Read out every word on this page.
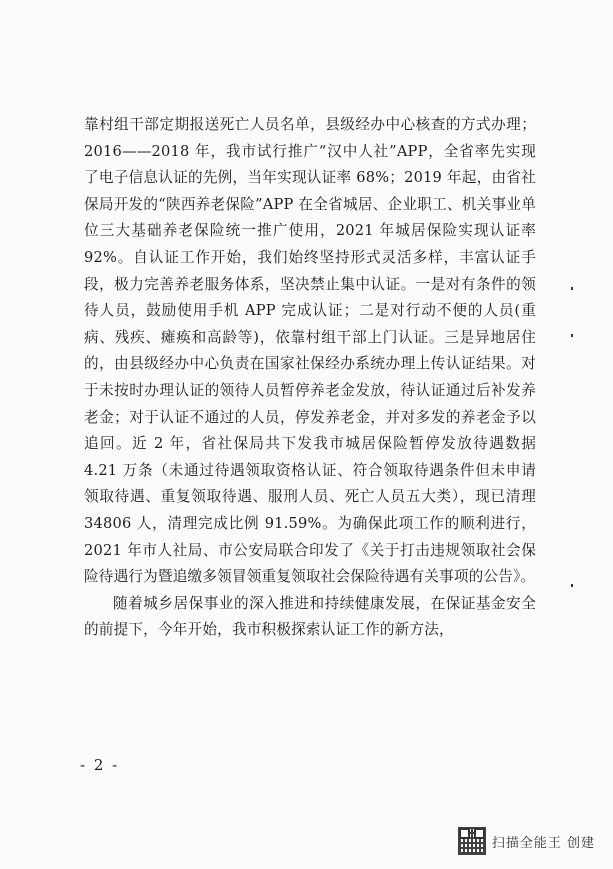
靠村组干部定期报送死亡人员名单，县级经办中心核查的方式办理；2016——2018 年，我市试行推广“汉中人社”APP，全省率先实现了电子信息认证的先例，当年实现认证率 68%；2019 年起，由省社保局开发的“陕西养老保险”APP 在全省城居、企业职工、机关事业单位三大基础养老保险统一推广使用，2021 年城居保险实现认证率 92%。自认证工作开始，我们始终坚持形式灵活多样，丰富认证手段，极力完善养老服务体系，坚决禁止集中认证。一是对有条件的领待人员，鼓励使用手机 APP 完成认证；二是对行动不便的人员(重病、残疾、瘫痪和高龄等)，依靠村组干部上门认证。三是异地居住的，由县级经办中心负责在国家社保经办系统办理上传认证结果。对于未按时办理认证的领待人员暂停养老金发放，待认证通过后补发养老金；对于认证不通过的人员，停发养老金，并对多发的养老金予以追回。近 2 年，省社保局共下发我市城居保险暂停发放待遇数据 4.21 万条（未通过待遇领取资格认证、符合领取待遇条件但未申请领取待遇、重复领取待遇、服刑人员、死亡人员五大类），现已清理 34806 人，清理完成比例 91.59%。为确保此项工作的顺利进行，2021 年市人社局、市公安局联合印发了《关于打击违规领取社会保险待遇行为暨追缴多领冒领重复领取社会保险待遇有关事项的公告》。

随着城乡居保事业的深入推进和持续健康发展，在保证基金安全的前提下，今年开始，我市积极探索认证工作的新方法，

- 2 -
扫描全能王 创建
